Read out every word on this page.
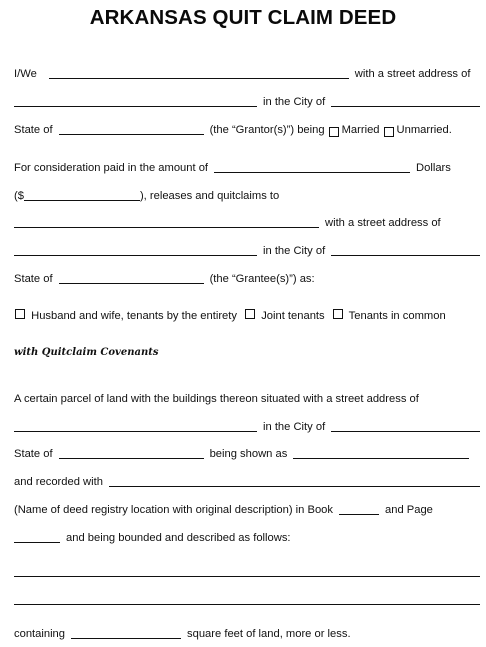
ARKANSAS QUIT CLAIM DEED
I/We	with a street address of
in the City of
State of	(the “Grantor(s)”) being Married Unmarried.
For consideration paid in the amount of	Dollars
($	), releases and quitclaims to
with a street address of
in the City of
State of	(the “Grantee(s)”) as:
Husband and wife, tenants by the entirety Joint tenants Tenants in common
with Quitclaim Covenants
A certain parcel of land with the buildings thereon situated with a street address of
in the City of
State of	being shown as
and recorded with
(Name of deed registry location with original description) in Book	and Page
and being bounded and described as follows:
containing	square feet of land, more or less.
